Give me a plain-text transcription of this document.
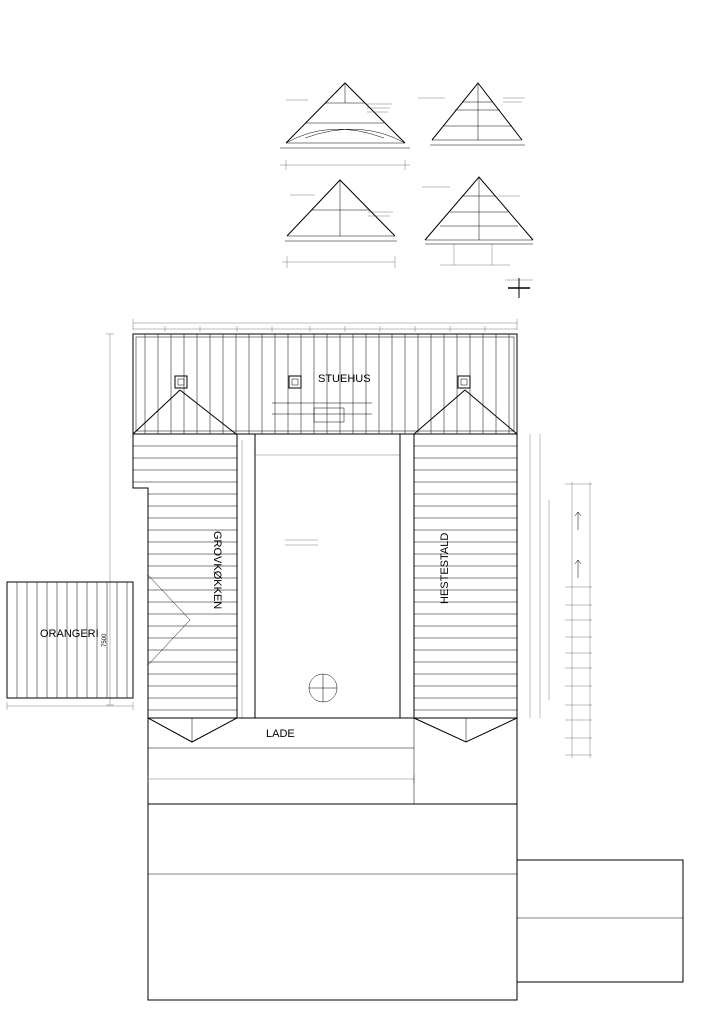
STUEHUS
GROVKØKKEN	HESTESTALD
ORANGERI 7500
LADE
